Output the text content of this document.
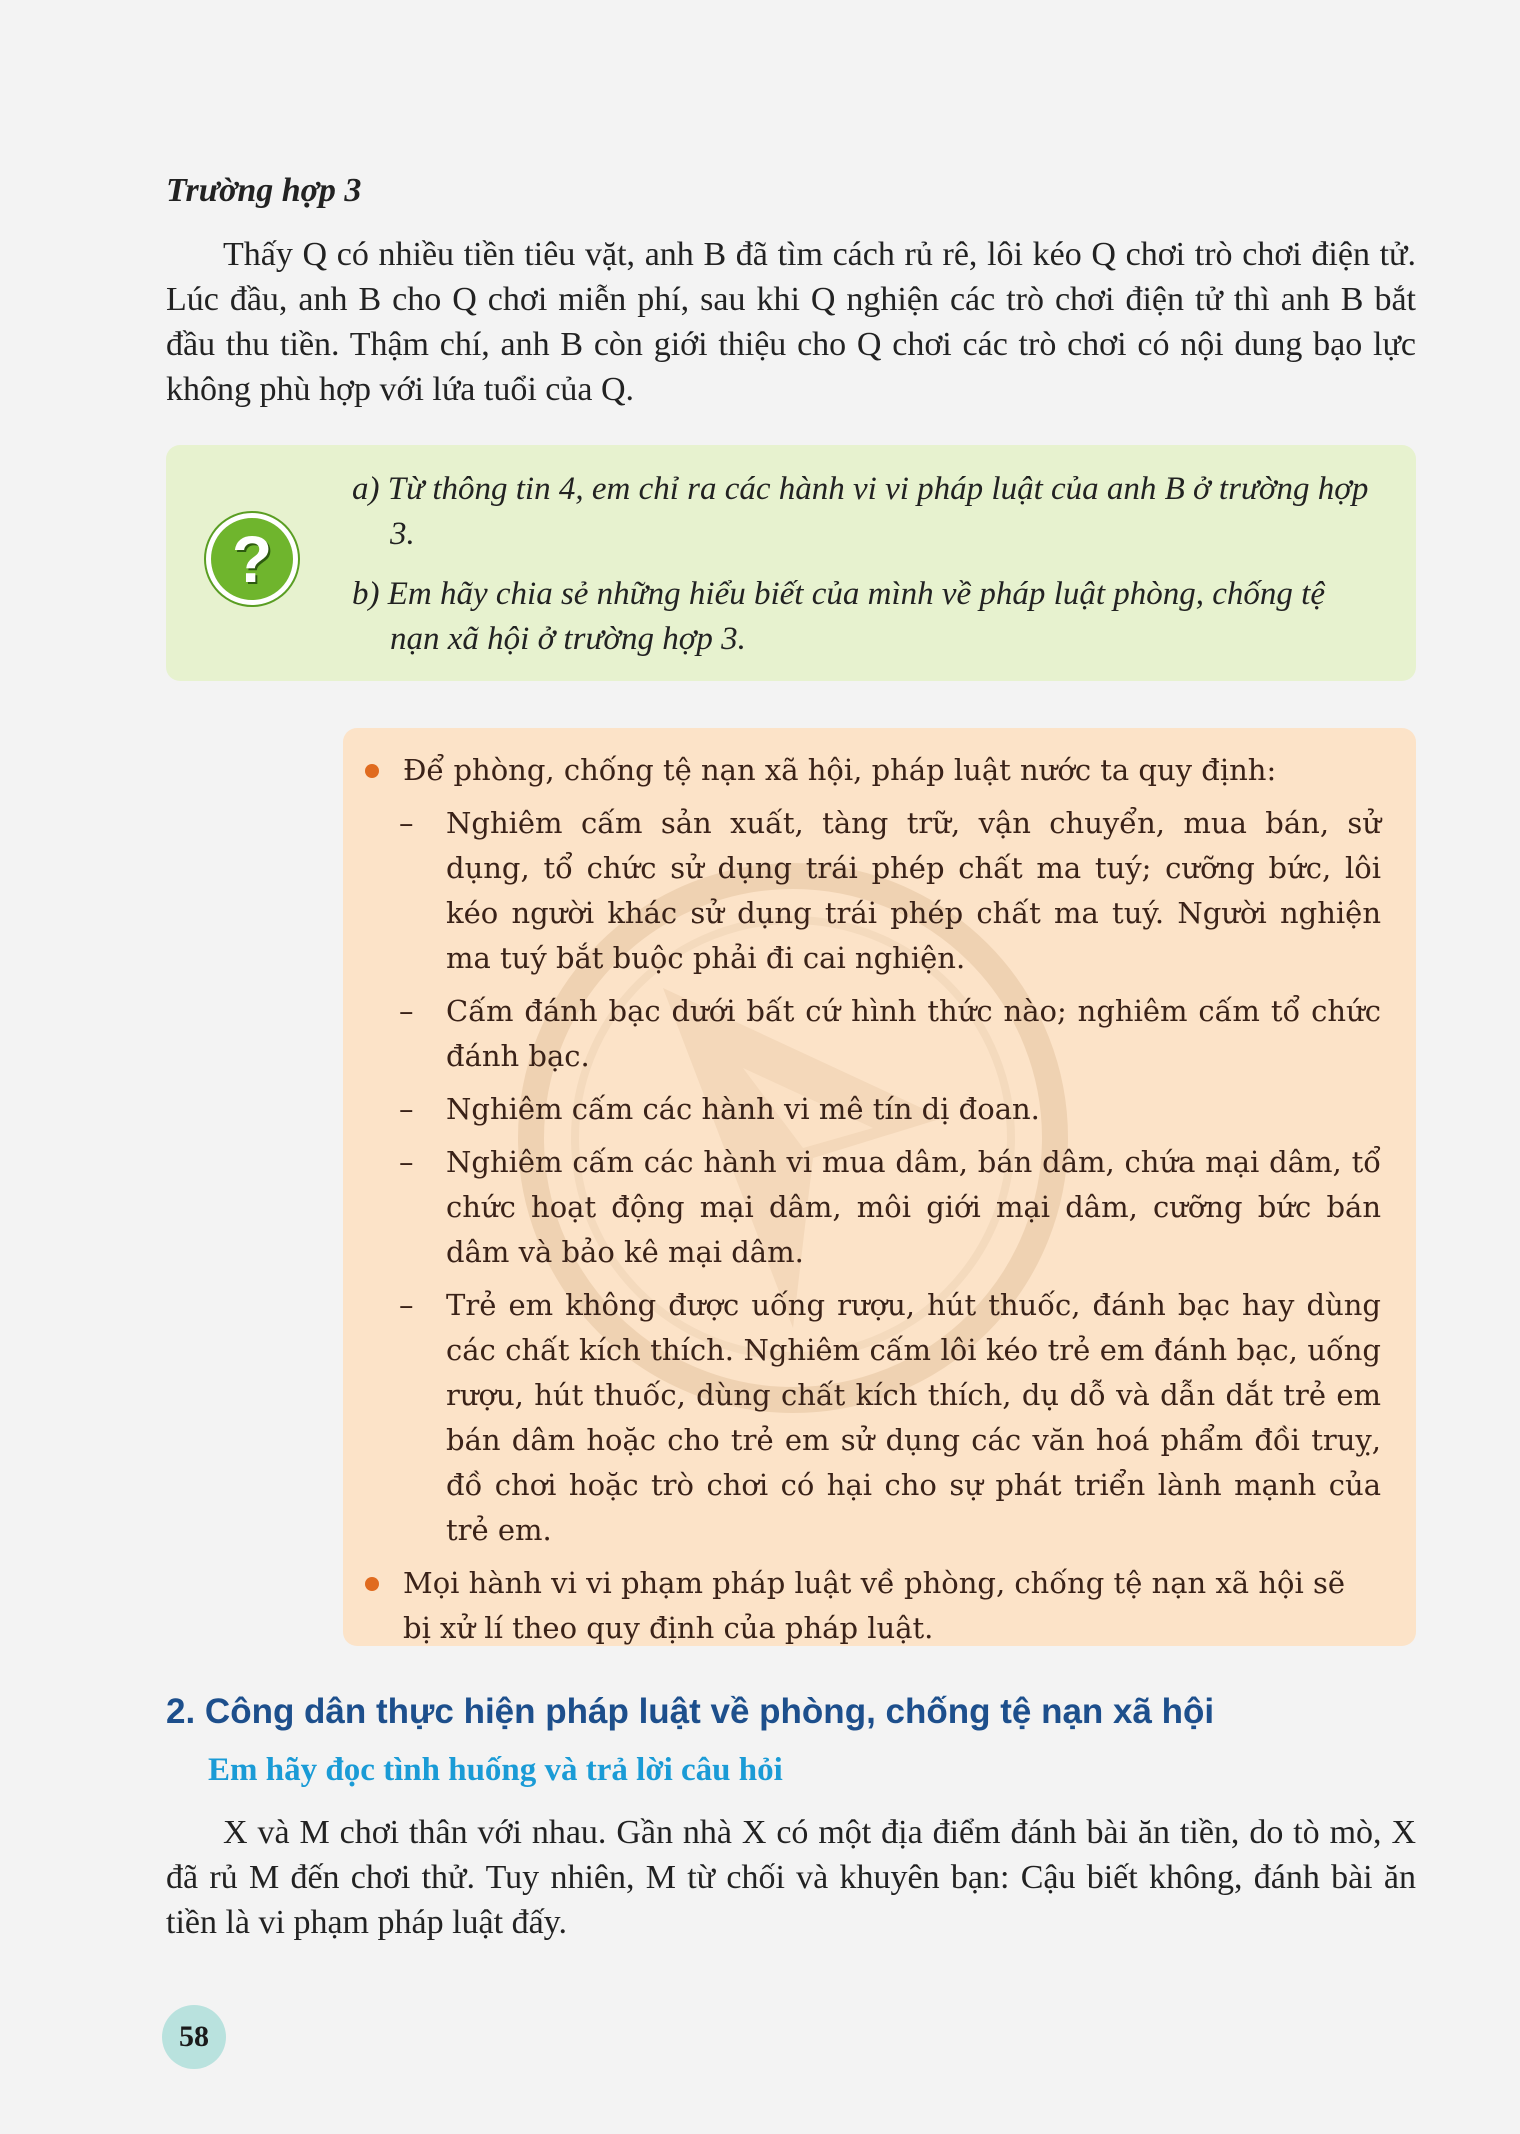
Trường hợp 3
Thấy Q có nhiều tiền tiêu vặt, anh B đã tìm cách rủ rê, lôi kéo Q chơi trò chơi điện tử. Lúc đầu, anh B cho Q chơi miễn phí, sau khi Q nghiện các trò chơi điện tử thì anh B bắt đầu thu tiền. Thậm chí, anh B còn giới thiệu cho Q chơi các trò chơi có nội dung bạo lực không phù hợp với lứa tuổi của Q.
?
a) Từ thông tin 4, em chỉ ra các hành vi vi pháp luật của anh B ở trường hợp 3.
b) Em hãy chia sẻ những hiểu biết của mình về pháp luật phòng, chống tệ nạn xã hội ở trường hợp 3.
Để phòng, chống tệ nạn xã hội, pháp luật nước ta quy định:
– Nghiêm cấm sản xuất, tàng trữ, vận chuyển, mua bán, sử dụng, tổ chức sử dụng trái phép chất ma tuý; cưỡng bức, lôi kéo người khác sử dụng trái phép chất ma tuý. Người nghiện ma tuý bắt buộc phải đi cai nghiện.
– Cấm đánh bạc dưới bất cứ hình thức nào; nghiêm cấm tổ chức đánh bạc.
– Nghiêm cấm các hành vi mê tín dị đoan.
– Nghiêm cấm các hành vi mua dâm, bán dâm, chứa mại dâm, tổ chức hoạt động mại dâm, môi giới mại dâm, cưỡng bức bán dâm và bảo kê mại dâm.
– Trẻ em không được uống rượu, hút thuốc, đánh bạc hay dùng các chất kích thích. Nghiêm cấm lôi kéo trẻ em đánh bạc, uống rượu, hút thuốc, dùng chất kích thích, dụ dỗ và dẫn dắt trẻ em bán dâm hoặc cho trẻ em sử dụng các văn hoá phẩm đồi truỵ, đồ chơi hoặc trò chơi có hại cho sự phát triển lành mạnh của trẻ em.
Mọi hành vi vi phạm pháp luật về phòng, chống tệ nạn xã hội sẽ bị xử lí theo quy định của pháp luật.
2. Công dân thực hiện pháp luật về phòng, chống tệ nạn xã hội
Em hãy đọc tình huống và trả lời câu hỏi
X và M chơi thân với nhau. Gần nhà X có một địa điểm đánh bài ăn tiền, do tò mò, X đã rủ M đến chơi thử. Tuy nhiên, M từ chối và khuyên bạn: Cậu biết không, đánh bài ăn tiền là vi phạm pháp luật đấy.
58
